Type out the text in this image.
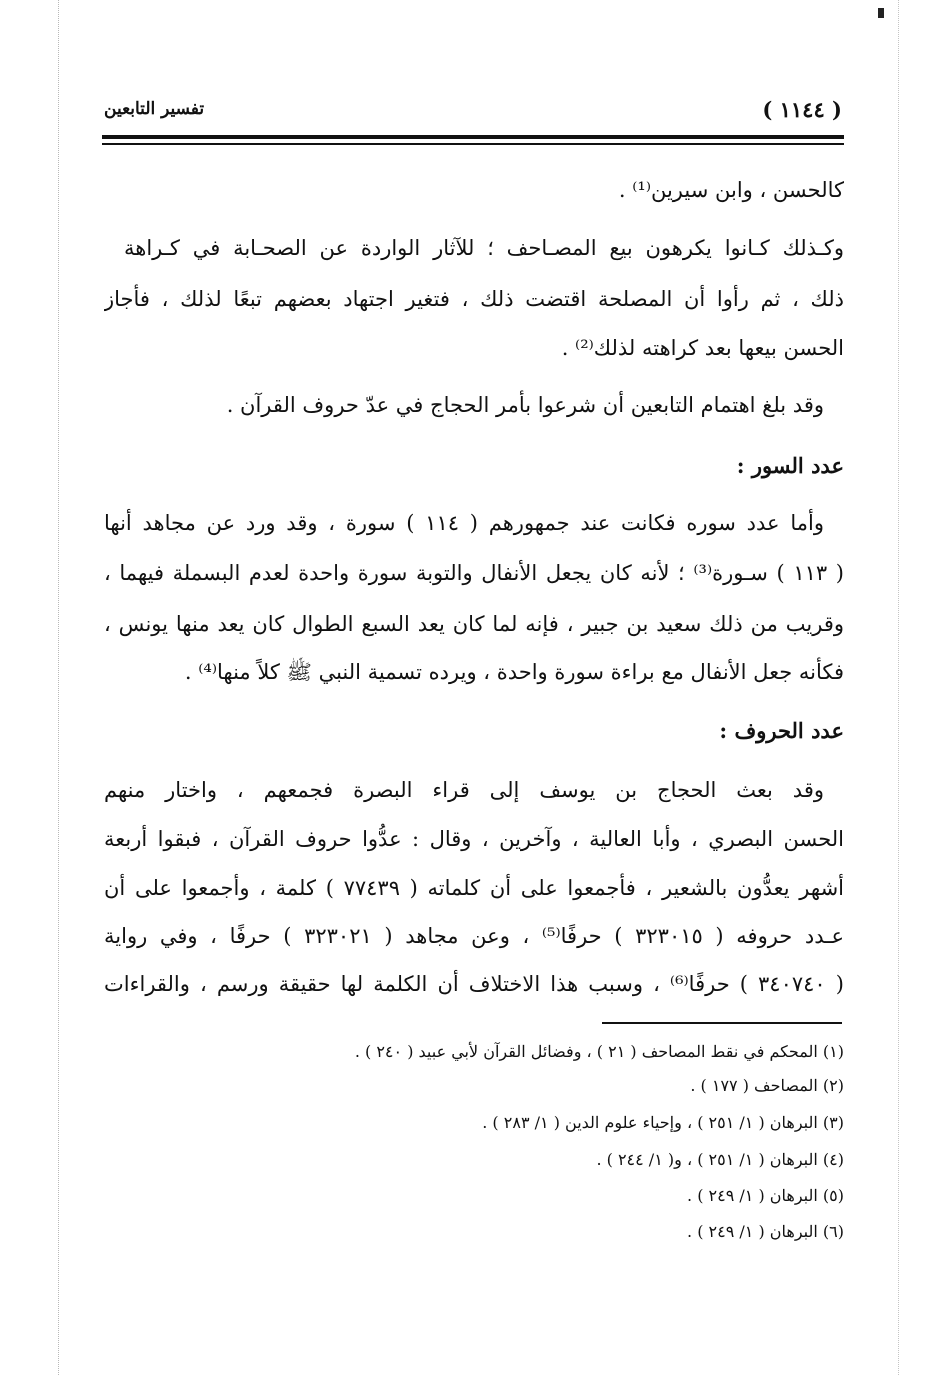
( ١١٤٤ )
تفسير التابعين
كالحسن ، وابن سيرين⁽¹⁾ .
وكـذلك كـانوا يكرهون بيع المصـاحف ؛ للآثار الواردة عن الصحـابة في كـراهة
ذلك ، ثم رأوا أن المصلحة اقتضت ذلك ، فتغير اجتهاد بعضهم تبعًا لذلك ، فأجاز
الحسن بيعها بعد كراهته لذلك⁽²⁾ .
وقد بلغ اهتمام التابعين أن شرعوا بأمر الحجاج في عدّ حروف القرآن .
عدد السور :
وأما عدد سوره فكانت عند جمهورهم ( ١١٤ ) سورة ، وقد ورد عن مجاهد أنها
( ١١٣ ) سـورة⁽³⁾ ؛ لأنه كان يجعل الأنفال والتوبة سورة واحدة لعدم البسملة فيهما ،
وقريب من ذلك سعيد بن جبير ، فإنه لما كان يعد السبع الطوال كان يعد منها يونس ،
فكأنه جعل الأنفال مع براءة سورة واحدة ، ويرده تسمية النبي ﷺ كلاً منها⁽⁴⁾ .
عدد الحروف :
وقد بعث الحجاج بن يوسف إلى قراء البصرة فجمعهم ، واختار منهم
الحسن البصري ، وأبا العالية ، وآخرين ، وقال : عدُّوا حروف القرآن ، فبقوا أربعة
أشهر يعدُّون بالشعير ، فأجمعوا على أن كلماته ( ٧٧٤٣٩ ) كلمة ، وأجمعوا على أن
عـدد حروفه ( ٣٢٣٠١٥ ) حرفًا⁽⁵⁾ ، وعن مجاهد ( ٣٢٣٠٢١ ) حرفًا ، وفي رواية
( ٣٤٠٧٤٠ ) حرفًا⁽⁶⁾ ، وسبب هذا الاختلاف أن الكلمة لها حقيقة ورسم ، والقراءات
(١) المحكم في نقط المصاحف ( ٢١ ) ، وفضائل القرآن لأبي عبيد ( ٢٤٠ ) .
(٢) المصاحف ( ١٧٧ ) .
(٣) البرهان ( ١/ ٢٥١ ) ، وإحياء علوم الدين ( ١/ ٢٨٣ ) .
(٤) البرهان ( ١/ ٢٥١ ) ، و( ١/ ٢٤٤ ) .
(٥) البرهان ( ١/ ٢٤٩ ) .
(٦) البرهان ( ١/ ٢٤٩ ) .
